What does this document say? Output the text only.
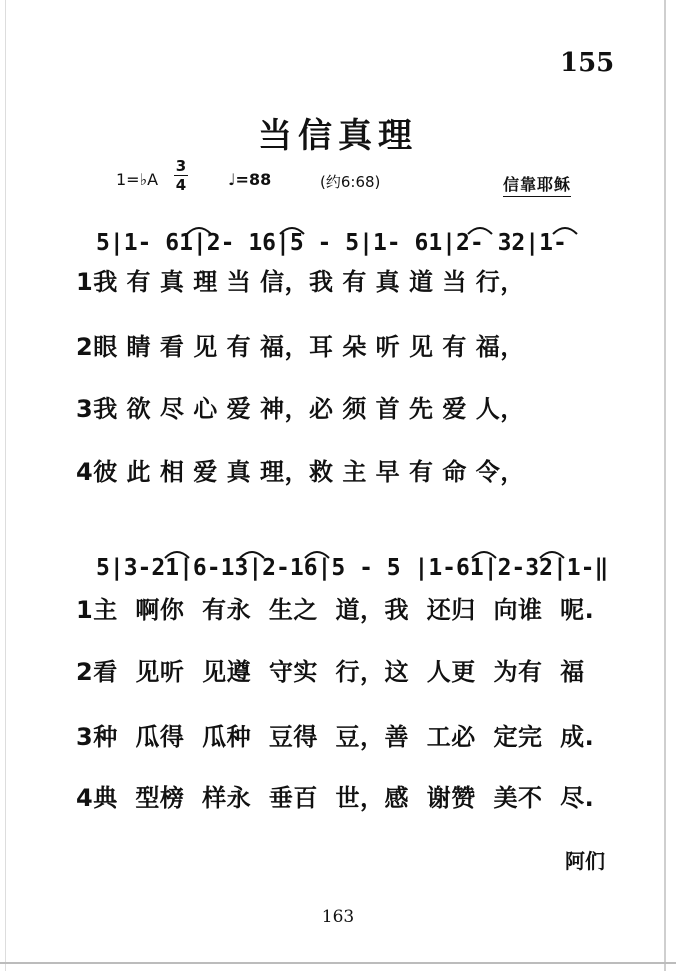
155
当信真理
1=♭A
3
4	♩=88	(约6:68)	信靠耶稣
5|1- 61|2- 16|5 - 5|1- 61|2- 32|1-
1我 有 真 理 当 信，我 有 真 道 当 行，
2眼 睛 看 见 有 福，耳 朵 听 见 有 福，
3我 欲 尽 心 爱 神，必 须 首 先 爱 人，
4彼 此 相 爱 真 理，救 主 早 有 命 令，
5|3-21|6-13|2-16|5 - 5 |1-61|2-32|1-‖
1主  啊你  有永  生之  道，我  还归  向谁  呢.
2看  见听  见遵  守实  行，这  人更  为有  福
3种  瓜得  瓜种  豆得  豆，善  工必  定完  成.
4典  型榜  样永  垂百  世，感  谢赞  美不  尽.
阿们
163
